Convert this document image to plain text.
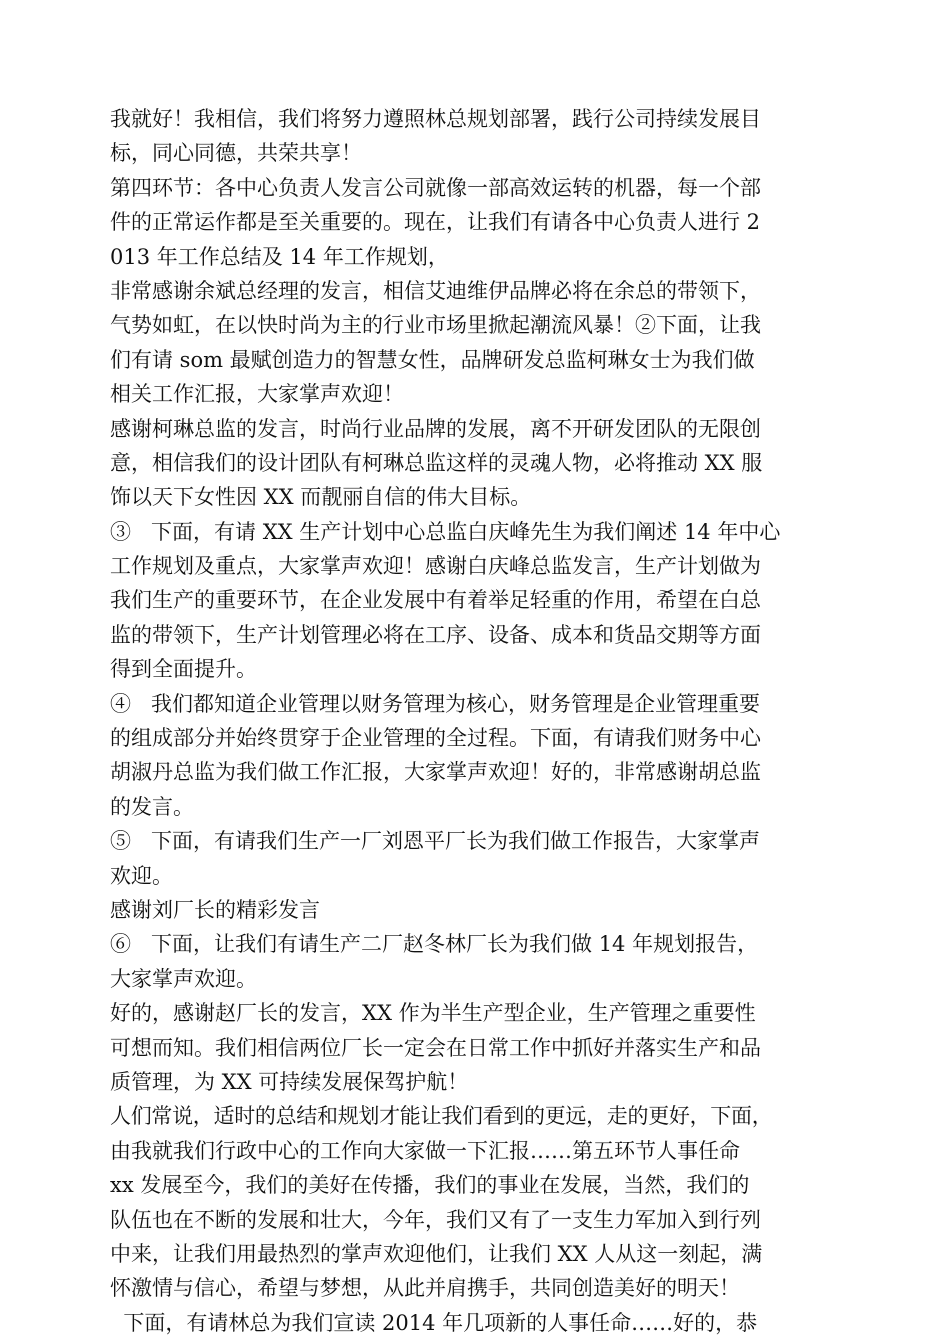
我就好！我相信，我们将努力遵照林总规划部署，践行公司持续发展目
标，同心同德，共荣共享！
第四环节：各中心负责人发言公司就像一部高效运转的机器，每一个部
件的正常运作都是至关重要的。现在，让我们有请各中心负责人进行 2
013 年工作总结及 14 年工作规划，
非常感谢余斌总经理的发言，相信艾迪维伊品牌必将在余总的带领下，
气势如虹，在以快时尚为主的行业市场里掀起潮流风暴！②下面，让我
们有请 som 最赋创造力的智慧女性，品牌研发总监柯琳女士为我们做
相关工作汇报，大家掌声欢迎！
感谢柯琳总监的发言，时尚行业品牌的发展，离不开研发团队的无限创
意，相信我们的设计团队有柯琳总监这样的灵魂人物，必将推动 XX 服
饰以天下女性因 XX 而靓丽自信的伟大目标。
③   下面，有请 XX 生产计划中心总监白庆峰先生为我们阐述 14 年中心
工作规划及重点，大家掌声欢迎！感谢白庆峰总监发言，生产计划做为
我们生产的重要环节，在企业发展中有着举足轻重的作用，希望在白总
监的带领下，生产计划管理必将在工序、设备、成本和货品交期等方面
得到全面提升。
④   我们都知道企业管理以财务管理为核心，财务管理是企业管理重要
的组成部分并始终贯穿于企业管理的全过程。下面，有请我们财务中心
胡淑丹总监为我们做工作汇报，大家掌声欢迎！好的，非常感谢胡总监
的发言。
⑤   下面，有请我们生产一厂刘恩平厂长为我们做工作报告，大家掌声
欢迎。
感谢刘厂长的精彩发言
⑥   下面，让我们有请生产二厂赵冬林厂长为我们做 14 年规划报告，
大家掌声欢迎。
好的，感谢赵厂长的发言，XX 作为半生产型企业，生产管理之重要性
可想而知。我们相信两位厂长一定会在日常工作中抓好并落实生产和品
质管理，为 XX 可持续发展保驾护航！
人们常说，适时的总结和规划才能让我们看到的更远，走的更好，下面，
由我就我们行政中心的工作向大家做一下汇报……第五环节人事任命
xx 发展至今，我们的美好在传播，我们的事业在发展，当然，我们的
队伍也在不断的发展和壮大，今年，我们又有了一支生力军加入到行列
中来，让我们用最热烈的掌声欢迎他们，让我们 XX 人从这一刻起，满
怀激情与信心，希望与梦想，从此并肩携手，共同创造美好的明天！
下面，有请林总为我们宣读 2014 年几项新的人事任命……好的，恭
